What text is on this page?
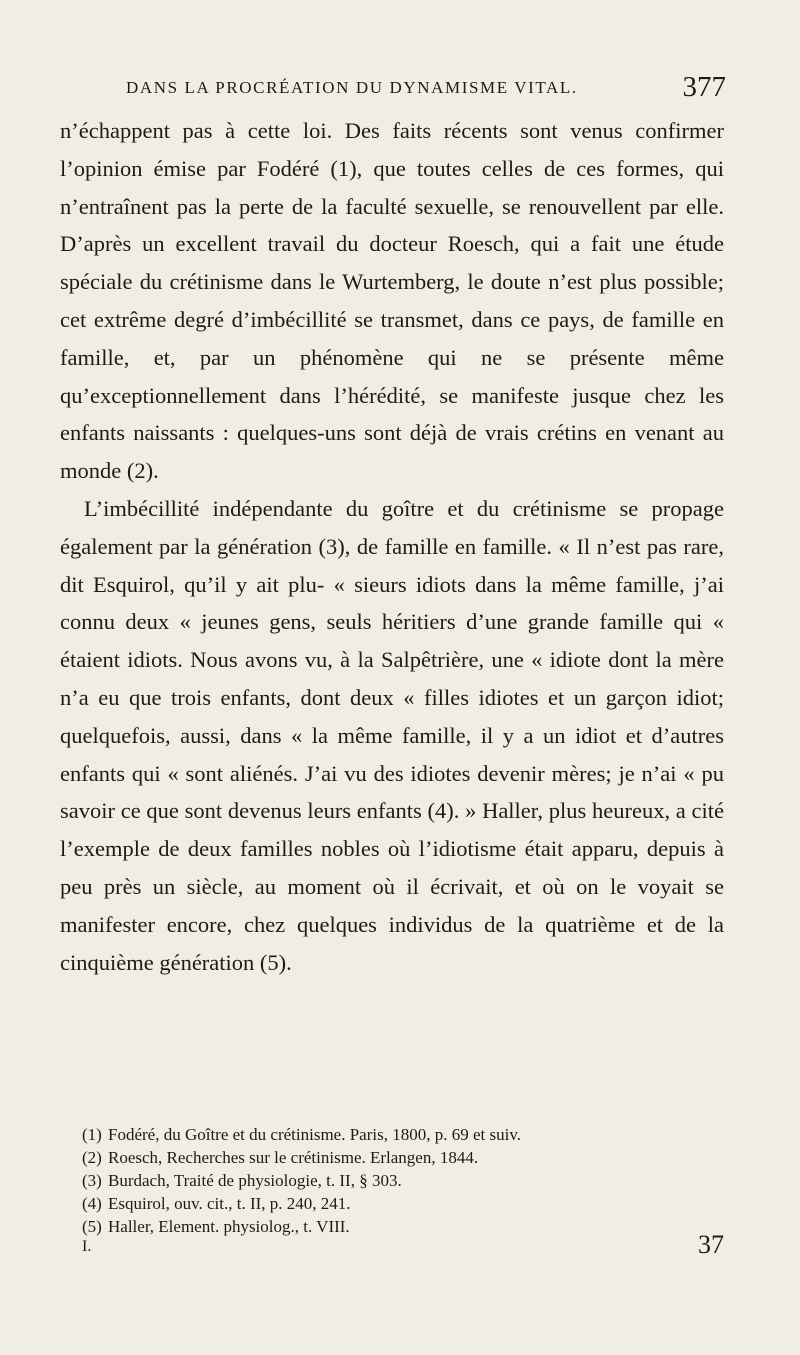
DANS LA PROCRÉATION DU DYNAMISME VITAL.	377

n’échappent pas à cette loi. Des faits récents sont venus confirmer l’opinion émise par Fodéré (1), que toutes celles de ces formes, qui n’entraînent pas la perte de la faculté sexuelle, se renouvellent par elle. D’après un excellent travail du docteur Roesch, qui a fait une étude spéciale du crétinisme dans le Wurtemberg, le doute n’est plus possible; cet extrême degré d’imbécillité se transmet, dans ce pays, de famille en famille, et, par un phénomène qui ne se présente même qu’exceptionnellement dans l’hérédité, se manifeste jusque chez les enfants naissants : quelques-uns sont déjà de vrais crétins en venant au monde (2).

L’imbécillité indépendante du goître et du crétinisme se propage également par la génération (3), de famille en famille. « Il n’est pas rare, dit Esquirol, qu’il y ait plu- « sieurs idiots dans la même famille, j’ai connu deux « jeunes gens, seuls héritiers d’une grande famille qui « étaient idiots. Nous avons vu, à la Salpêtrière, une « idiote dont la mère n’a eu que trois enfants, dont deux « filles idiotes et un garçon idiot; quelquefois, aussi, dans « la même famille, il y a un idiot et d’autres enfants qui « sont aliénés. J’ai vu des idiotes devenir mères; je n’ai « pu savoir ce que sont devenus leurs enfants (4). » Haller, plus heureux, a cité l’exemple de deux familles nobles où l’idiotisme était apparu, depuis à peu près un siècle, au moment où il écrivait, et où on le voyait se manifester encore, chez quelques individus de la quatrième et de la cinquième génération (5).

(1) Fodéré, du Goître et du crétinisme. Paris, 1800, p. 69 et suiv.

(2) Roesch, Recherches sur le crétinisme. Erlangen, 1844.

(3) Burdach, Traité de physiologie, t. II, § 303.

(4) Esquirol, ouv. cit., t. II, p. 240, 241.

(5) Haller, Element. physiolog., t. VIII.

I.	37
